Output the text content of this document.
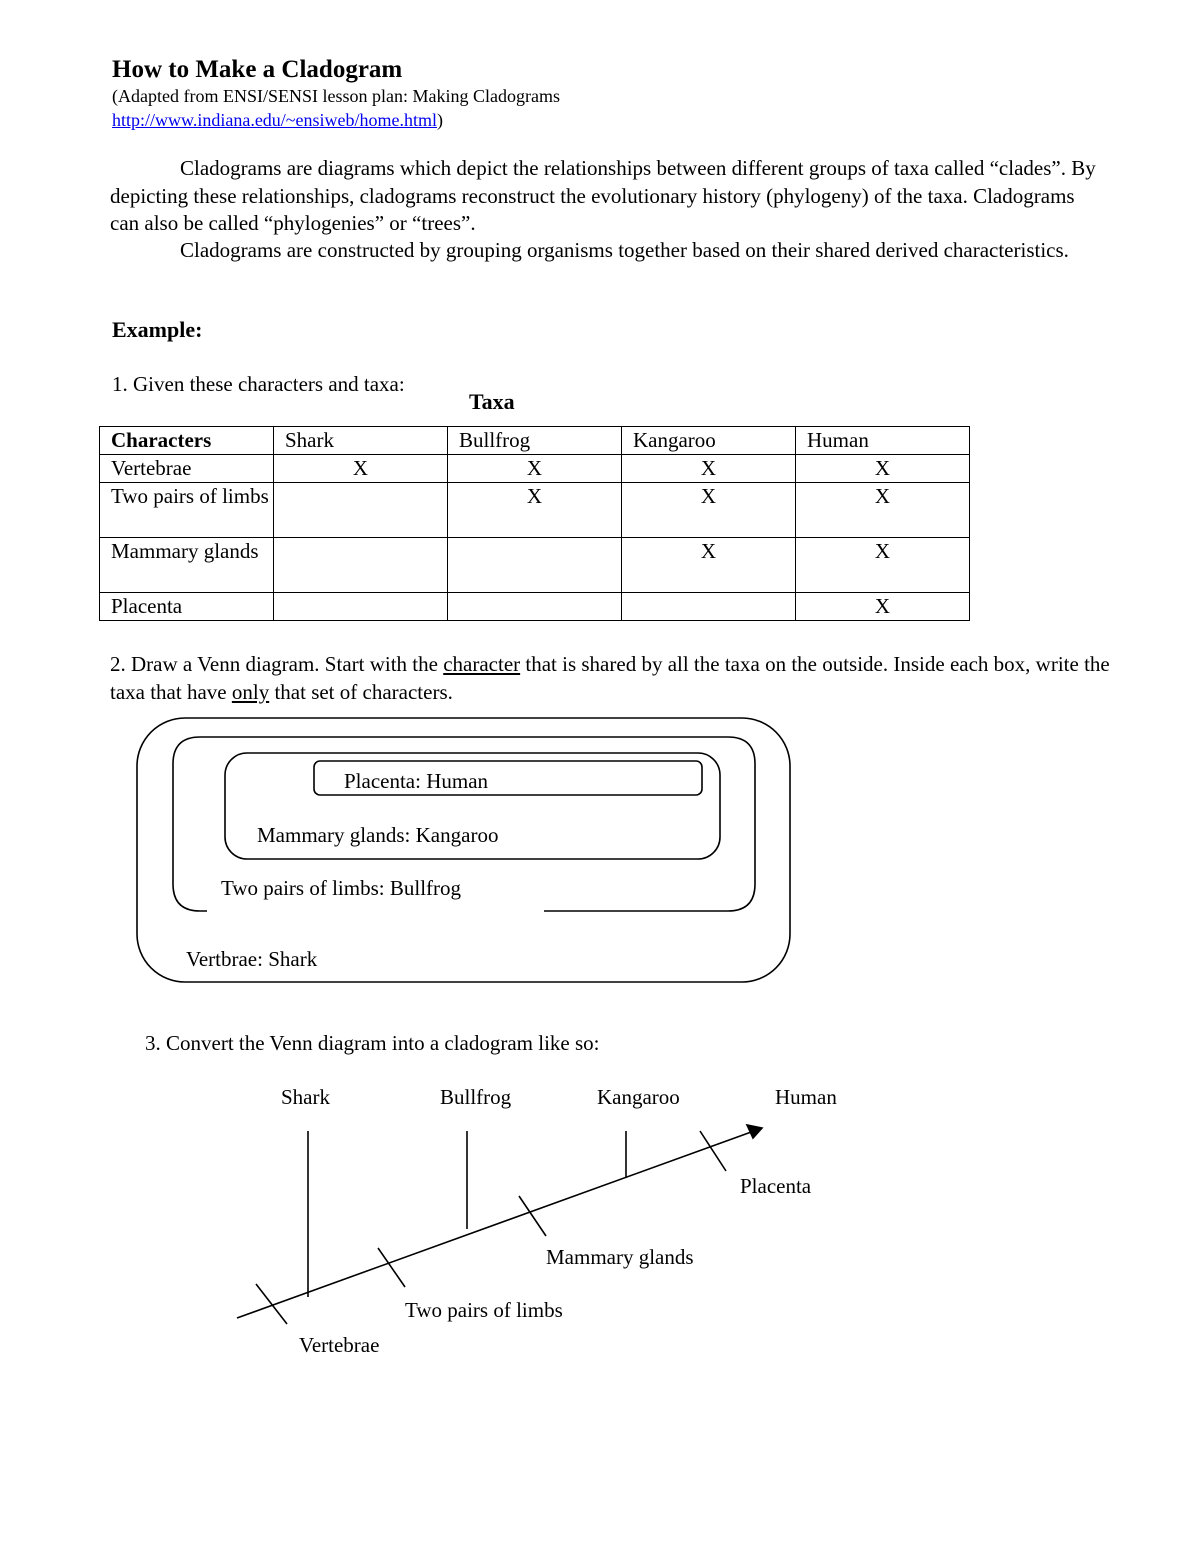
How to Make a Cladogram
(Adapted from ENSI/SENSI lesson plan: Making Cladograms
http://www.indiana.edu/~ensiweb/home.html)
Cladograms are diagrams which depict the relationships between different groups of taxa called “clades”. By depicting these relationships, cladograms reconstruct the evolutionary history (phylogeny) of the taxa. Cladograms can also be called “phylogenies” or “trees”.
Cladograms are constructed by grouping organisms together based on their shared derived characteristics.
Example:
1. Given these characters and taxa:
Taxa
Characters	Shark	Bullfrog	Kangaroo	Human
Vertebrae	X	X	X	X
Two pairs of limbs		X	X	X
Mammary glands			X	X
Placenta				X
2. Draw a Venn diagram. Start with the character that is shared by all the taxa on the outside. Inside each box, write the taxa that have only that set of characters.
Placenta: Human
Mammary glands: Kangaroo
Two pairs of limbs: Bullfrog
Vertbrae: Shark
Shark	Bullfrog	Kangaroo	Human
Vertebrae
Two pairs of limbs
Mammary glands
Placenta
3. Convert the Venn diagram into a cladogram like so:
